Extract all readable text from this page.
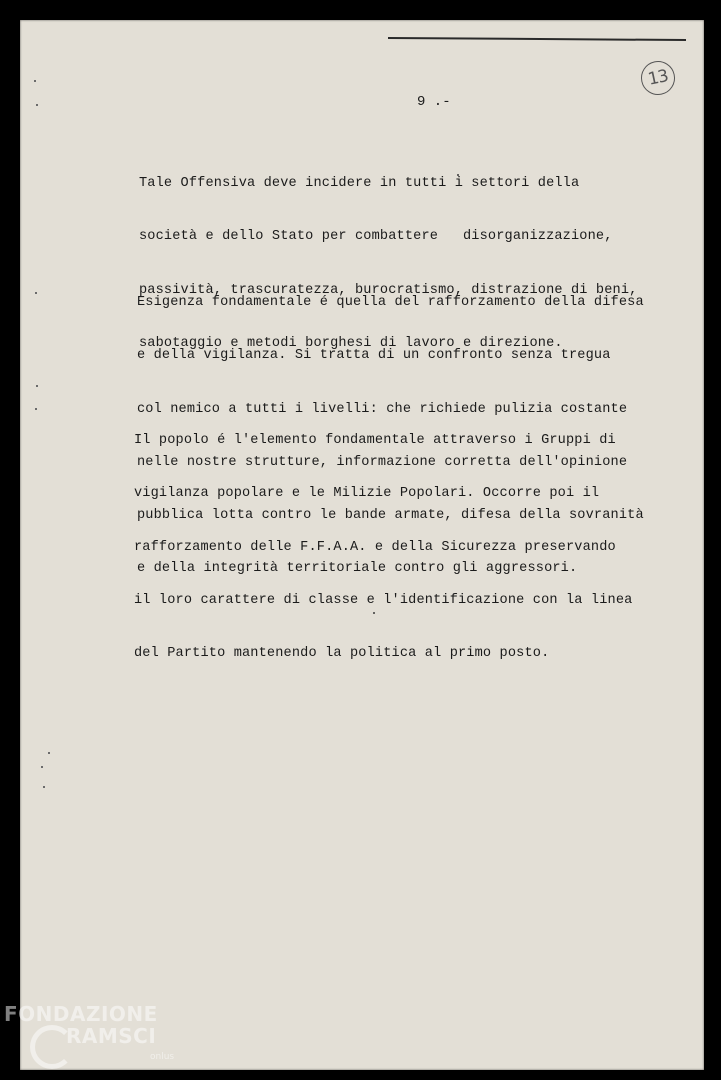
13
9 .-

Tale Offensiva deve incidere in tutti i settori della

società e dello Stato per combattere   disorganizzazione,

passività, trascuratezza, burocratismo, distrazione di beni,

sabotaggio e metodi borghesi di lavoro e direzione.

Esigenza fondamentale é quella del rafforzamento della difesa

e della vigilanza. Si tratta di un confronto senza tregua

col nemico a tutti i livelli: che richiede pulizia costante

nelle nostre strutture, informazione corretta dell'opinione

pubblica lotta contro le bande armate, difesa della sovranità

e della integrità territoriale contro gli aggressori.

Il popolo é l'elemento fondamentale attraverso i Gruppi di

vigilanza popolare e le Milizie Popolari. Occorre poi il

rafforzamento delle F.F.A.A. e della Sicurezza preservando

il loro carattere di classe e l'identificazione con la linea

del Partito mantenendo la politica al primo posto.

FONDAZIONE
RAMSCI
onlus
